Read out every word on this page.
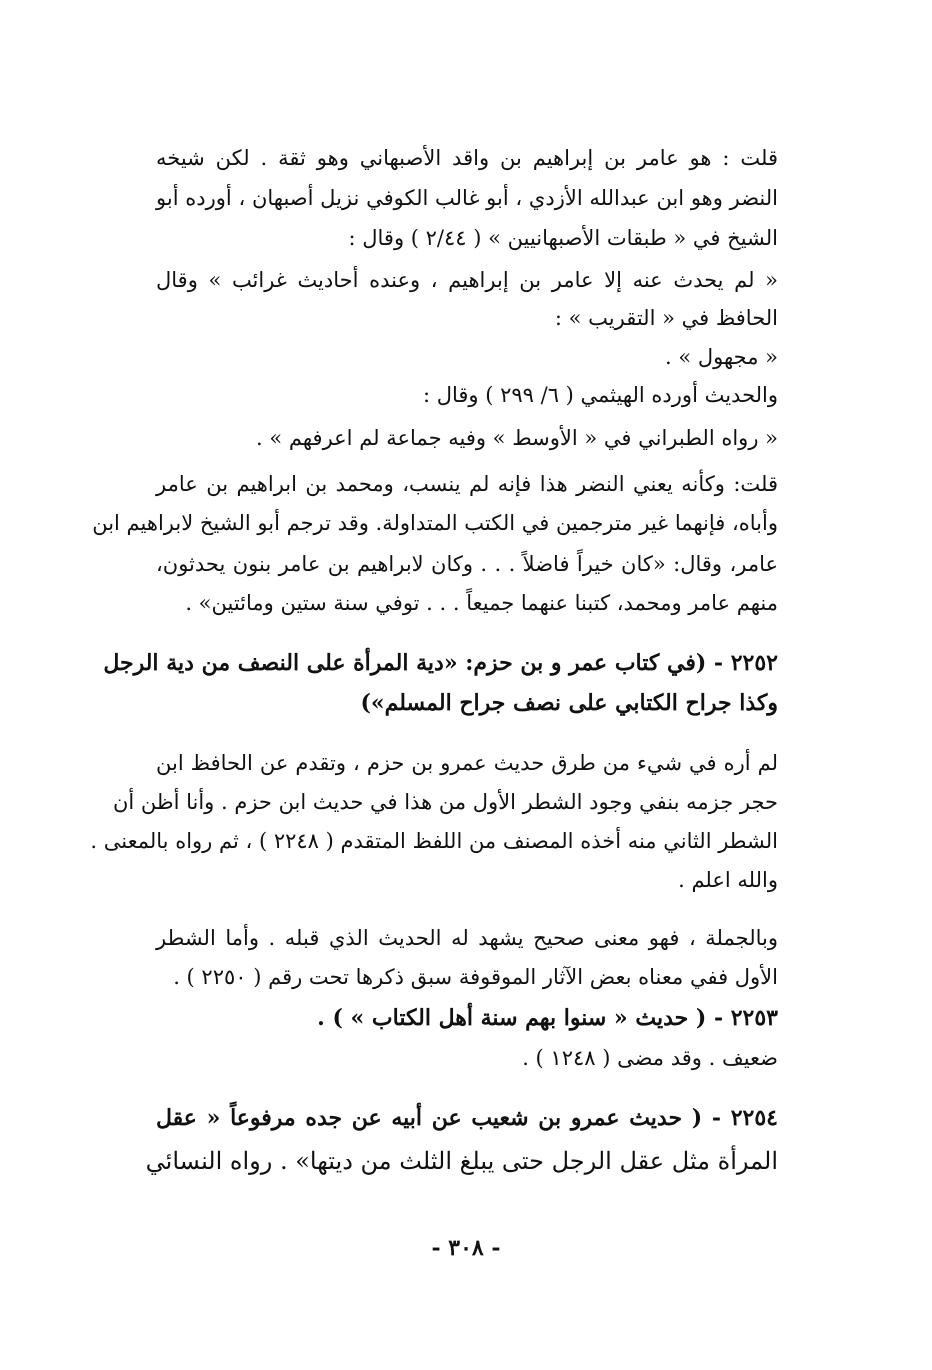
قلت : هو عامر بن إبراهيم بن واقد الأصبهاني وهو ثقة . لكن شيخه
النضر وهو ابن عبدالله الأزدي ، أبو غالب الكوفي نزيل أصبهان ، أورده أبو
الشيخ في « طبقات الأصبهانيين » ( ٢/٤٤ ) وقال :
« لم يحدث عنه إلا عامر بن إبراهيم ، وعنده أحاديث غرائب » وقال
الحافظ في « التقريب » :
« مجهول » .
والحديث أورده الهيثمي ( ٦/ ٢٩٩ ) وقال :
« رواه الطبراني في « الأوسط » وفيه جماعة لم اعرفهم » .
قلت: وكأنه يعني النضر هذا فإنه لم ينسب، ومحمد بن ابراهيم بن عامر
وأباه، فإنهما غير مترجمين في الكتب المتداولة. وقد ترجم أبو الشيخ لابراهيم ابن
عامر، وقال: «كان خيراً فاضلاً . . . وكان لابراهيم بن عامر بنون يحدثون،
منهم عامر ومحمد، كتبنا عنهما جميعاً . . . توفي سنة ستين ومائتين» .
٢٢٥٢ - (في كتاب عمر و بن حزم: «دية المرأة على النصف من دية الرجل
وكذا جراح الكتابي على نصف جراح المسلم»)
لم أره في شيء من طرق حديث عمرو بن حزم ، وتقدم عن الحافظ ابن
حجر جزمه بنفي وجود الشطر الأول من هذا في حديث ابن حزم . وأنا أظن أن
الشطر الثاني منه أخذه المصنف من اللفظ المتقدم ( ٢٢٤٨ ) ، ثم رواه بالمعنى .
والله اعلم .
وبالجملة ، فهو معنى صحيح يشهد له الحديث الذي قبله . وأما الشطر
الأول ففي معناه بعض الآثار الموقوفة سبق ذكرها تحت رقم ( ٢٢٥٠ ) .
٢٢٥٣ - ( حديث « سنوا بهم سنة أهل الكتاب » ) .
ضعيف . وقد مضى ( ١٢٤٨ ) .
٢٢٥٤ - ( حديث عمرو بن شعيب عن أبيه عن جده مرفوعاً « عقل
المرأة مثل عقل الرجل حتى يبلغ الثلث من ديتها» . رواه النسائي
- ٣٠٨ -
